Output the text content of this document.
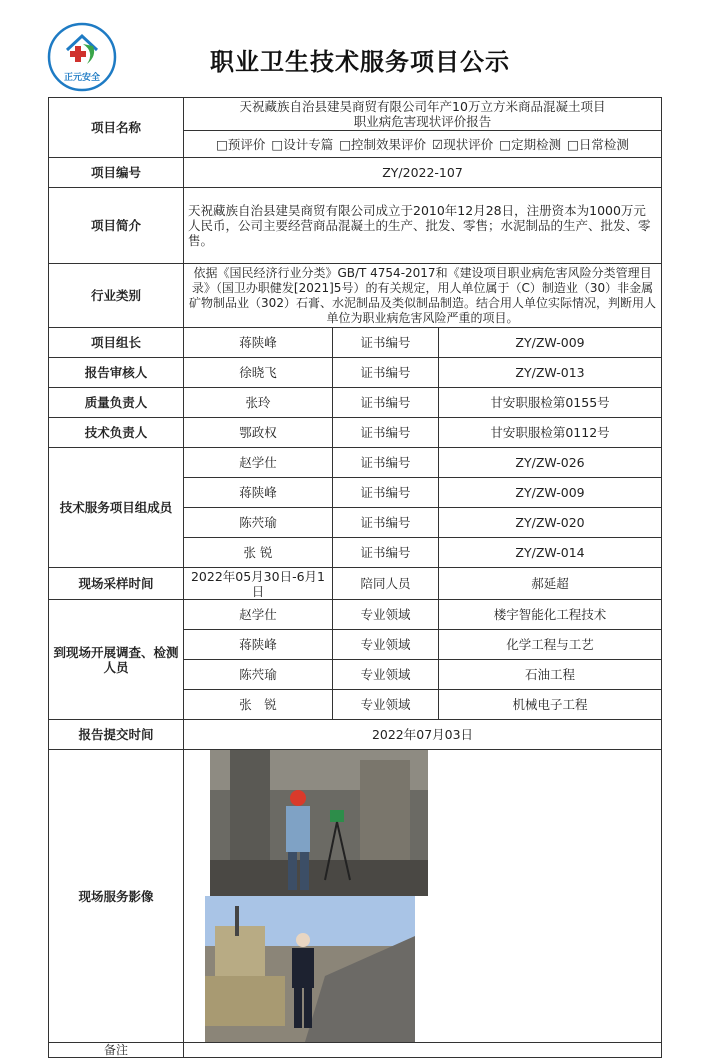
正元安全
职业卫生技术服务项目公示
项目名称	天祝藏族自治县建昊商贸有限公司年产10万立方米商品混凝土项目
职业病危害现状评价报告		

	□预评价 □设计专篇 □控制效果评价 ☑现状评价 □定期检测 □日常检测		
项目编号	ZY/2022-107		
项目简介	天祝藏族自治县建昊商贸有限公司成立于2010年12月28日，注册资本为1000万元人民币，公司主要经营商品混凝土的生产、批发、零售；水泥制品的生产、批发、零售。		
行业类别	依据《国民经济行业分类》GB/T 4754-2017和《建设项目职业病危害风险分类管理目录》（国卫办职健发[2021]5号）的有关规定，用人单位属于（C）制造业（30）非金属矿物制品业（302）石膏、水泥制品及类似制品制造。结合用人单位实际情况，判断用人单位为职业病危害风险严重的项目。		
项目组长	蒋陕峰	证书编号	ZY/ZW-009
报告审核人	徐晓飞	证书编号	ZY/ZW-013
质量负责人	张玲	证书编号	甘安职服检第0155号
技术负责人	鄂政权	证书编号	甘安职服检第0112号
技术服务项目组成员	赵学仕	证书编号	ZY/ZW-026
	蒋陕峰	证书编号	ZY/ZW-009
	陈茓瑜	证书编号	ZY/ZW-020
	张 锐	证书编号	ZY/ZW-014
现场采样时间	2022年05月30日-6月1日	陪同人员	郝延超
到现场开展调查、检测人员	赵学仕	专业领域	楼宇智能化工程技术
	蒋陕峰	专业领域	化学工程与工艺
	陈茓瑜	专业领域	石油工程
	张　锐	专业领域	机械电子工程
报告提交时间	2022年07月03日		
现场服务影像	
备注			
